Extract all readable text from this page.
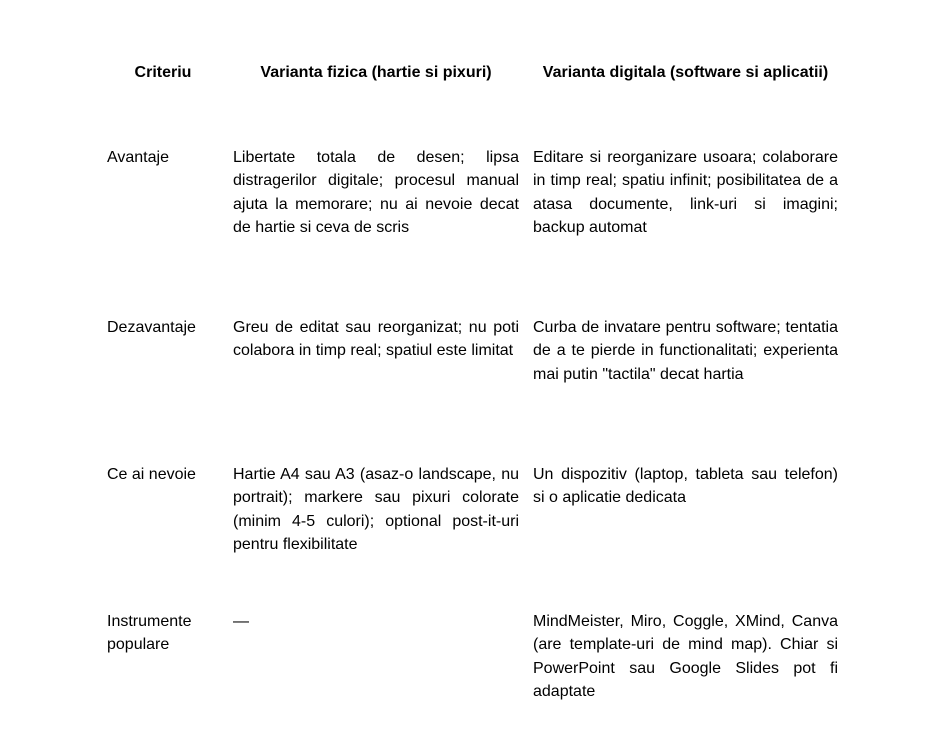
Criteriu	Varianta fizica (hartie si pixuri)	Varianta digitala (software si aplicatii)
Avantaje	Libertate totala de desen; lipsa distragerilor digitale; procesul manual ajuta la memorare; nu ai nevoie decat de hartie si ceva de scris	Editare si reorganizare usoara; colaborare in timp real; spatiu infinit; posibilitatea de a atasa documente, link-uri si imagini; backup automat
Dezavantaje	Greu de editat sau reorganizat; nu poti colabora in timp real; spatiul este limitat	Curba de invatare pentru software; tentatia de a te pierde in functionalitati; experienta mai putin "tactila" decat hartia
Ce ai nevoie	Hartie A4 sau A3 (asaz-o landscape, nu portrait); markere sau pixuri colorate (minim 4-5 culori); optional post-it-uri pentru flexibilitate	Un dispozitiv (laptop, tableta sau telefon) si o aplicatie dedicata
Instrumente populare	—	MindMeister, Miro, Coggle, XMind, Canva (are template-uri de mind map). Chiar si PowerPoint sau Google Slides pot fi adaptate
